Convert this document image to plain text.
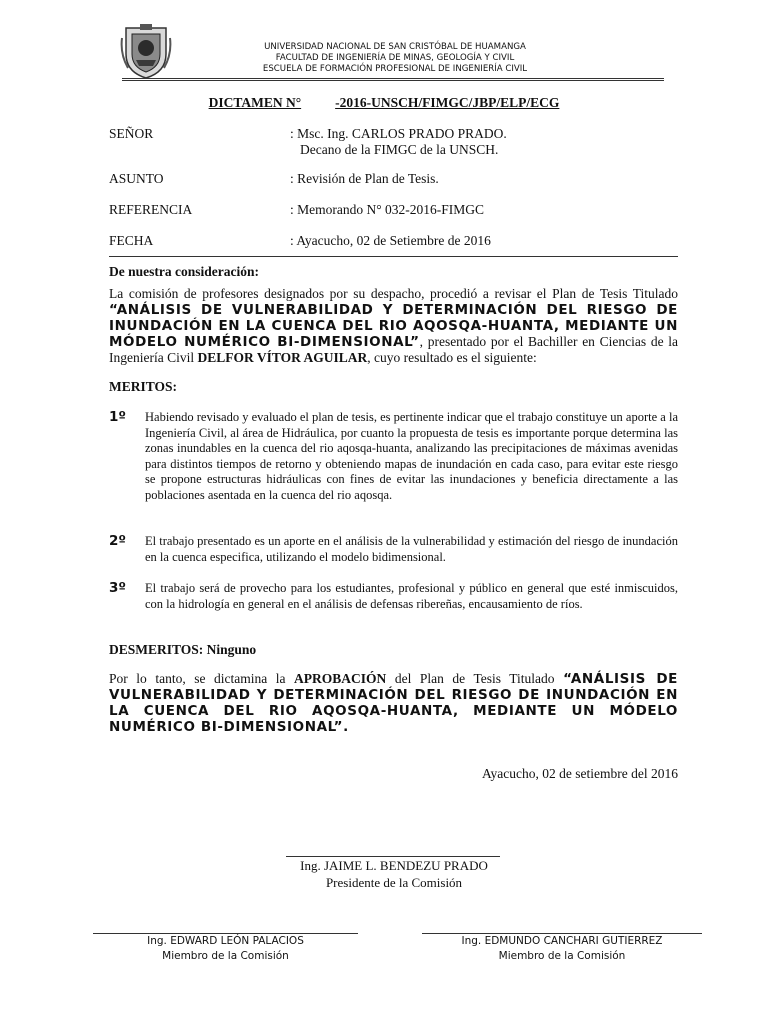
UNIVERSIDAD NACIONAL DE SAN CRISTÓBAL DE HUAMANGA
FACULTAD DE INGENIERÍA DE MINAS, GEOLOGÍA Y CIVIL
ESCUELA DE FORMACIÓN PROFESIONAL DE INGENIERÍA CIVIL
DICTAMEN N°	-2016-UNSCH/FIMGC/JBP/ELP/ECG
SEÑOR	: Msc. Ing. CARLOS PRADO PRADO.
Decano de la FIMGC de la UNSCH.
ASUNTO	: Revisión de Plan de Tesis.
REFERENCIA	: Memorando N° 032-2016-FIMGC
FECHA	: Ayacucho, 02 de Setiembre de 2016
De nuestra consideración:
La comisión de profesores designados por su despacho, procedió a revisar el Plan de Tesis Titulado “ANÁLISIS DE VULNERABILIDAD Y DETERMINACIÓN DEL RIESGO DE INUNDACIÓN EN LA CUENCA DEL RIO AQOSQA-HUANTA, MEDIANTE UN MÓDELO NUMÉRICO BI-DIMENSIONAL”, presentado por el Bachiller en Ciencias de la Ingeniería Civil DELFOR VÍTOR AGUILAR, cuyo resultado es el siguiente:
MERITOS:
1º Habiendo revisado y evaluado el plan de tesis, es pertinente indicar que el trabajo constituye un aporte a la Ingeniería Civil, al área de Hidráulica, por cuanto la propuesta de tesis es importante porque determina las zonas inundables en la cuenca del rio aqosqa-huanta, analizando las precipitaciones de máximas avenidas para distintos tiempos de retorno y obteniendo mapas de inundación en cada caso, para evitar este riesgo se propone estructuras hidráulicas con fines de evitar las inundaciones y beneficia directamente a las poblaciones asentada en la cuenca del rio aqosqa.
2º El trabajo presentado es un aporte en el análisis de la vulnerabilidad y estimación del riesgo de inundación en la cuenca especifica, utilizando el modelo bidimensional.
3º El trabajo será de provecho para los estudiantes, profesional y público en general que esté inmiscuidos, con la hidrología en general en el análisis de defensas ribereñas, encausamiento de ríos.
DESMERITOS: Ninguno
Por lo tanto, se dictamina la APROBACIÓN del Plan de Tesis Titulado “ANÁLISIS DE VULNERABILIDAD Y DETERMINACIÓN DEL RIESGO DE INUNDACIÓN EN LA CUENCA DEL RIO AQOSQA-HUANTA, MEDIANTE UN MÓDELO NUMÉRICO BI-DIMENSIONAL”.
Ayacucho, 02 de setiembre del 2016
Ing. JAIME L. BENDEZU PRADO
Presidente de la Comisión
Ing. EDWARD LEÓN PALACIOS
Miembro de la Comisión
Ing. EDMUNDO CANCHARI GUTIERREZ
Miembro de la Comisión
